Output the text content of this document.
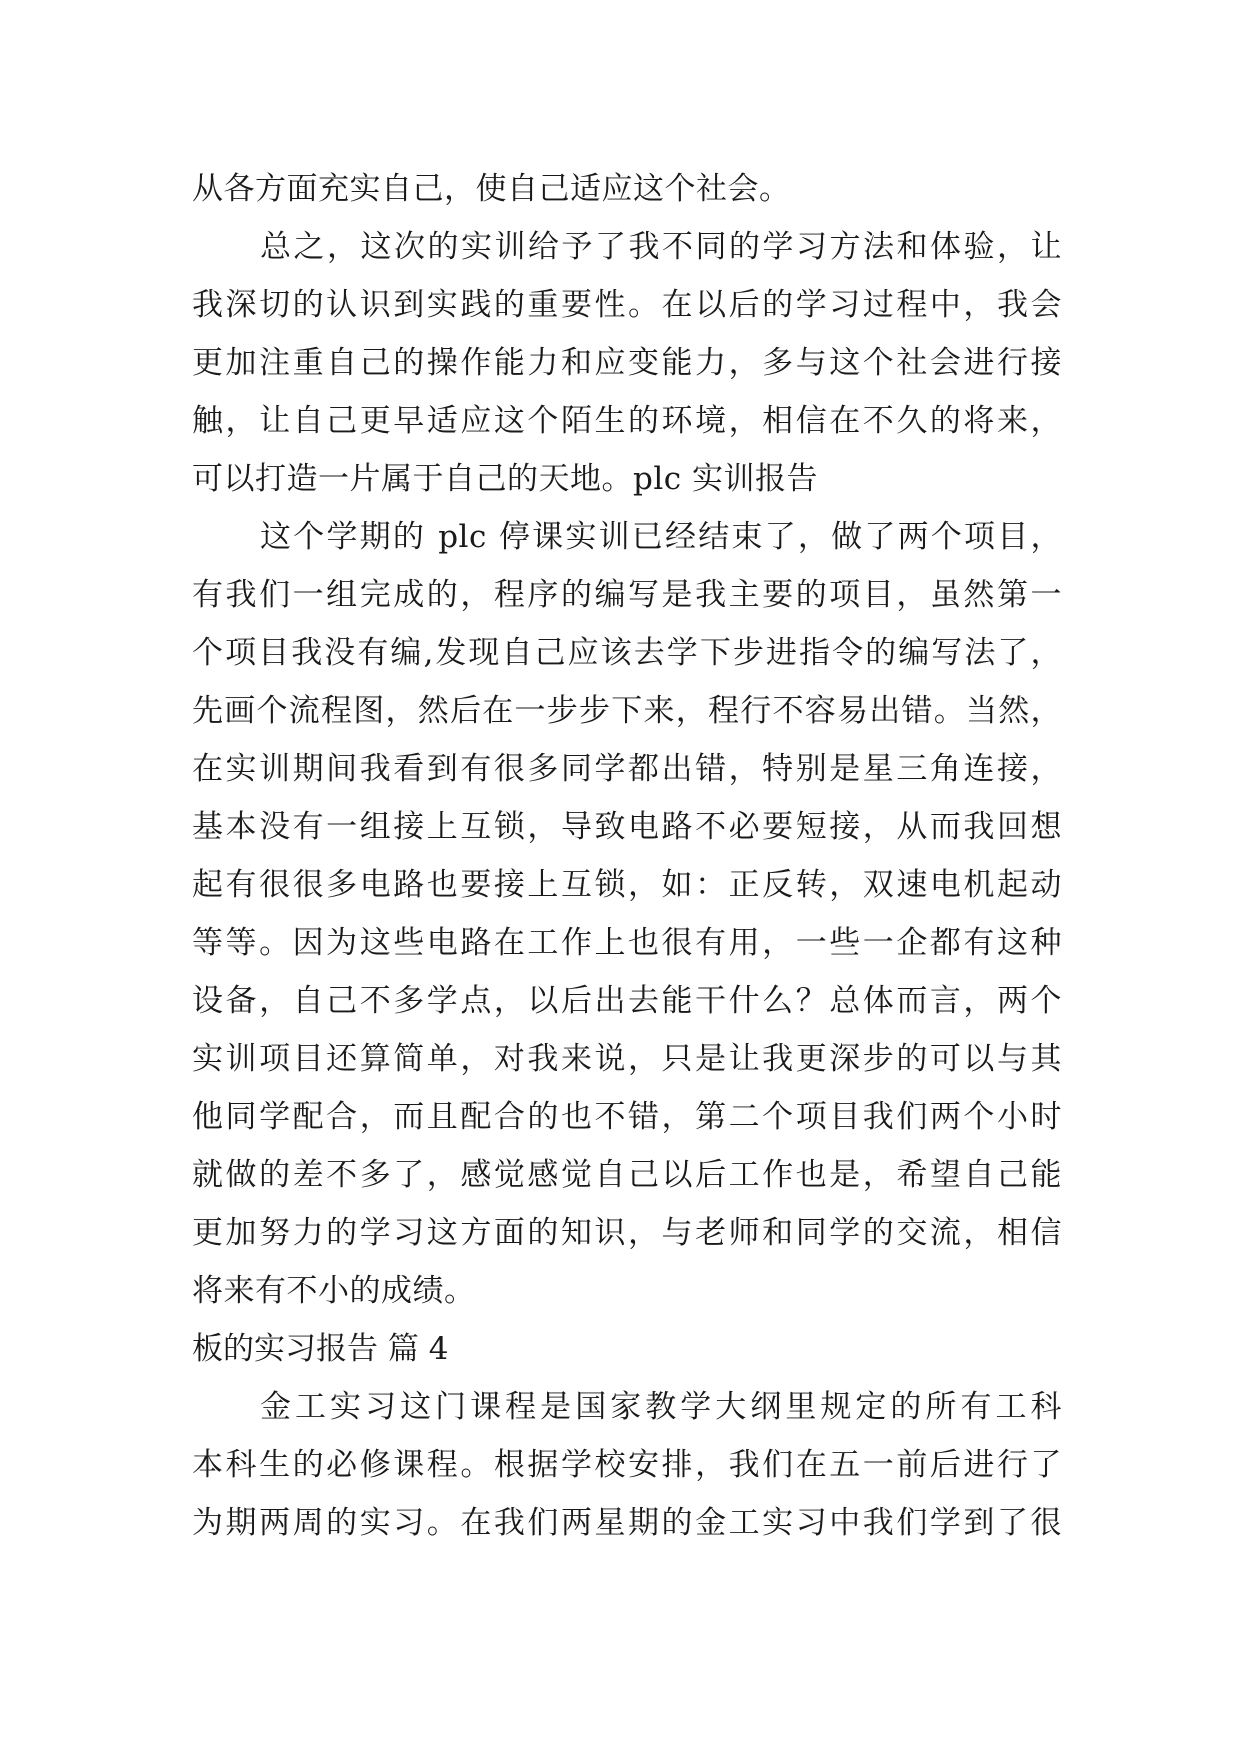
从各方面充实自己，使自己适应这个社会。
总之，这次的实训给予了我不同的学习方法和体验，让
我深切的认识到实践的重要性。在以后的学习过程中，我会
更加注重自己的操作能力和应变能力，多与这个社会进行接
触，让自己更早适应这个陌生的环境，相信在不久的将来，
可以打造一片属于自己的天地。plc 实训报告
这个学期的 plc 停课实训已经结束了，做了两个项目，
有我们一组完成的，程序的编写是我主要的项目，虽然第一
个项目我没有编,发现自己应该去学下步进指令的编写法了，
先画个流程图，然后在一步步下来，程行不容易出错。当然，
在实训期间我看到有很多同学都出错，特别是星三角连接，
基本没有一组接上互锁，导致电路不必要短接，从而我回想
起有很很多电路也要接上互锁，如：正反转，双速电机起动
等等。因为这些电路在工作上也很有用，一些一企都有这种
设备，自己不多学点，以后出去能干什么？总体而言，两个
实训项目还算简单，对我来说，只是让我更深步的可以与其
他同学配合，而且配合的也不错，第二个项目我们两个小时
就做的差不多了，感觉感觉自己以后工作也是，希望自己能
更加努力的学习这方面的知识，与老师和同学的交流，相信
将来有不小的成绩。
板的实习报告 篇 4
金工实习这门课程是国家教学大纲里规定的所有工科
本科生的必修课程。根据学校安排，我们在五一前后进行了
为期两周的实习。在我们两星期的金工实习中我们学到了很
